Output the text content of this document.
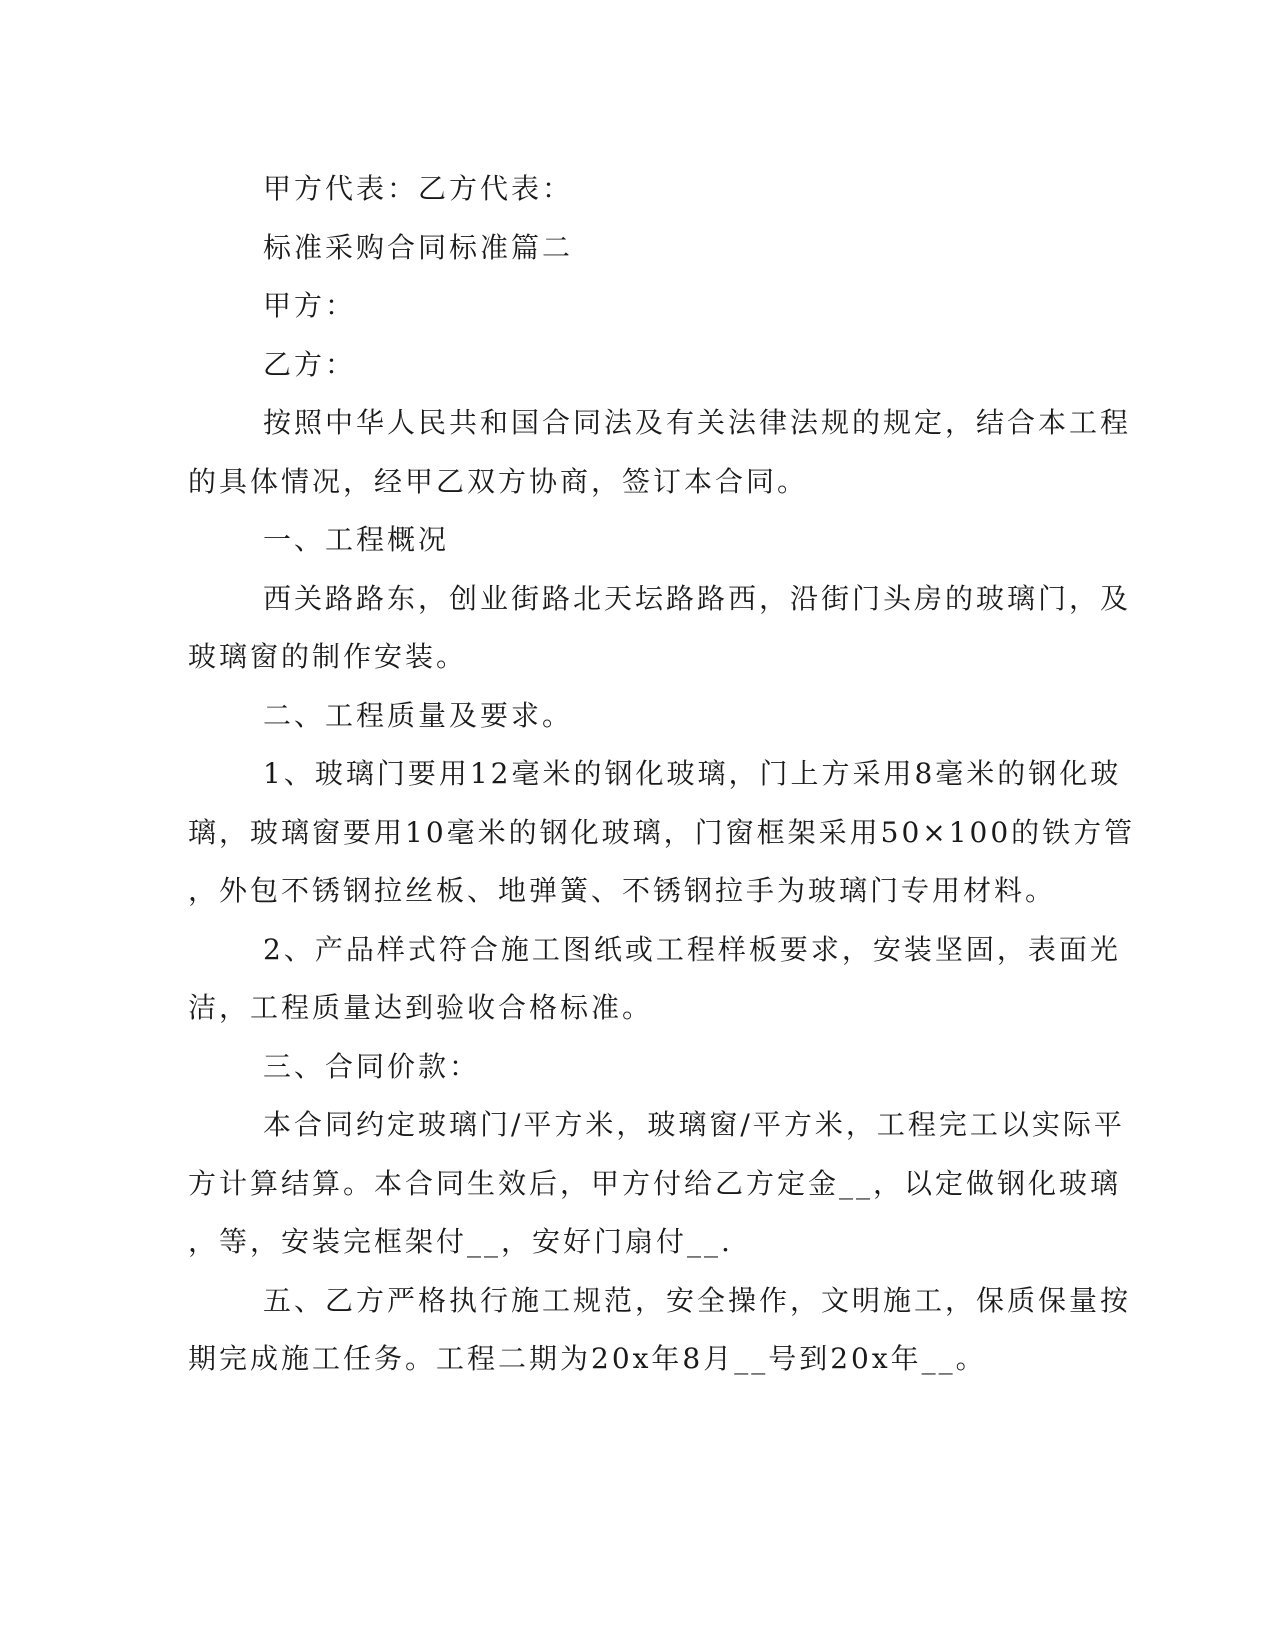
甲方代表：乙方代表：
标准采购合同标准篇二
甲方：
乙方：
按照中华人民共和国合同法及有关法律法规的规定，结合本工程
的具体情况，经甲乙双方协商，签订本合同。
一、工程概况
西关路路东，创业街路北天坛路路西，沿街门头房的玻璃门，及
玻璃窗的制作安装。
二、工程质量及要求。
1、玻璃门要用12毫米的钢化玻璃，门上方采用8毫米的钢化玻
璃，玻璃窗要用10毫米的钢化玻璃，门窗框架采用50×100的铁方管
，外包不锈钢拉丝板、地弹簧、不锈钢拉手为玻璃门专用材料。
2、产品样式符合施工图纸或工程样板要求，安装坚固，表面光
洁，工程质量达到验收合格标准。
三、合同价款：
本合同约定玻璃门/平方米，玻璃窗/平方米，工程完工以实际平
方计算结算。本合同生效后，甲方付给乙方定金__，以定做钢化玻璃
，等，安装完框架付__，安好门扇付__.
五、乙方严格执行施工规范，安全操作，文明施工，保质保量按
期完成施工任务。工程二期为20x年8月__号到20x年__。
